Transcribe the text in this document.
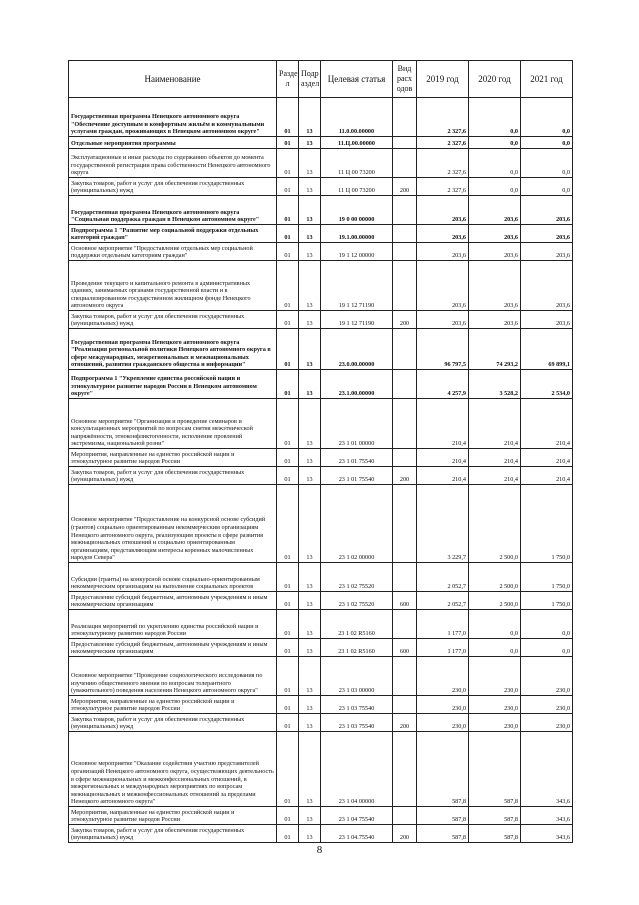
Наименование	Разде л	Подр аздел	Целевая статья	Вид расх одов	2019 год	2020 год	2021 год
Государственная программа Ненецкого автономного округа "Обеспечение доступным и комфортным жильём и коммунальными услугами граждан, проживающих в Ненецком автономном округе"	01	13	11.0.00.00000		2 327,6	0,0	0,0
Отдельные мероприятия программы	01	13	11.Ц.00.00000		2 327,6	0,0	0,0
Эксплуатационные и иные расходы по содержанию объектов до момента государственной регистрации права собственности Ненецкого автономного округа	01	13	11 Ц 00 73200		2 327,6	0,0	0,0
Закупка товаров, работ и услуг для обеспечения государственных (муниципальных) нужд	01	13	11 Ц 00 73200	200	2 327,6	0,0	0,0
Государственная программа Ненецкого автономного округа "Социальная поддержка граждан в Ненецком автономном округе"	01	13	19 0 00 00000		203,6	203,6	203,6
Подпрограмма 1 "Развитие мер социальной поддержки отдельных категорий граждан"	01	13	19.1.00.00000		203,6	203,6	203,6
Основное мероприятие "Предоставление отдельных мер социальной поддержки отдельным категориям граждан"	01	13	19 1 12 00000		203,6	203,6	203,6
Проведение текущего и капитального ремонта в административных зданиях, занимаемых органами государственной власти и в специализированном государственном жилищном фонде Ненецкого автономного округа	01	13	19 1 12 71190		203,6	203,6	203,6
Закупка товаров, работ и услуг для обеспечения государственных (муниципальных) нужд	01	13	19 1 12 71190	200	203,6	203,6	203,6
Государственная программа Ненецкого автономного округа "Реализация региональной политики Ненецкого автономного округа в сфере международных, межрегиональных и межнациональных отношений, развития гражданского общества и информации"	01	13	23.0.00.00000		96 797,5	74 293,2	69 899,1
Подпрограмма 1 "Укрепление единства российской нации и этнокультурное развитие народов России в Ненецком автономном округе"	01	13	23.1.00.00000		4 257,9	3 528,2	2 534,0
Основное мероприятие "Организация и проведение семинаров и консультационных мероприятий по вопросам снятия межэтнической напряжённости, этноконфликтогенности, исполнение провлений экстремизма, национальной розни"	01	13	23 1 01 00000		210,4	210,4	210,4
Мероприятия, направленные на единство российской нации и этнокультурное развитие народов России	01	13	23 1 01 75540		210,4	210,4	210,4
Закупка товаров, работ и услуг для обеспечения государственных (муниципальных) нужд	01	13	23 1 01 75540	200	210,4	210,4	210,4
Основное мероприятие "Предоставление на конкурсной основе субсидий (грантов) социально ориентированным некоммерческим организациям Ненецкого автономного округа, реализующим проекты в сфере развития межнациональных отношений и социально ориентированным организациям, представляющим интересы коренных малочисленных народов Севера"	01	13	23 1 02 00000		3 229,7	2 500,0	1 750,0
Субсидии (гранты) на конкурсной основе социально-ориентированным некоммерческим организациям на выполнение социальных проектов	01	13	23 1 02 75520		2 052,7	2 500,0	1 750,0
Предоставление субсидий бюджетным, автономным учреждениям и иным некоммерческим организациям	01	13	23 1 02 75520	600	2 052,7	2 500,0	1 750,0
Реализация мероприятий по укреплению единства российской нации и этнокультурному развитию народов России	01	13	23 1 02 R5160		1 177,0	0,0	0,0
Предоставление субсидий бюджетным, автономным учреждениям и иным некоммерческим организациям	01	13	23 1 02 R5160	600	1 177,0	0,0	0,0
Основное мероприятие "Проведение социологического исследования по изучению общественного мнения по вопросам толерантного (уважительного) поведения населения Ненецкого автономного округа"	01	13	23 1 03 00000		230,0	230,0	230,0
Мероприятия, направленные на единство российской нации и этнокультурное развитие народов России	01	13	23 1 03 75540		230,0	230,0	230,0
Закупка товаров, работ и услуг для обеспечения государственных (муниципальных) нужд	01	13	23 1 03 75540	200	230,0	230,0	230,0
Основное мероприятие "Оказание содействия участию представителей организаций Ненецкого автономного округа, осуществляющих деятельность в сфере межнациональных и межконфессиональных отношений, в межрегиональных и международных мероприятиях по вопросам межнациональных и межконфессиональных отношений за пределами Ненецкого автономного округа"	01	13	23 1 04 00000		587,8	587,8	343,6
Мероприятия, направленные на единство российской нации и этнокультурное развитие народов России	01	13	23 1 04 75540		587,8	587,8	343,6
Закупка товаров, работ и услуг для обеспечения государственных (муниципальных) нужд	01	13	23 1 04.75540	200	587,8	587,8	343,6
8
